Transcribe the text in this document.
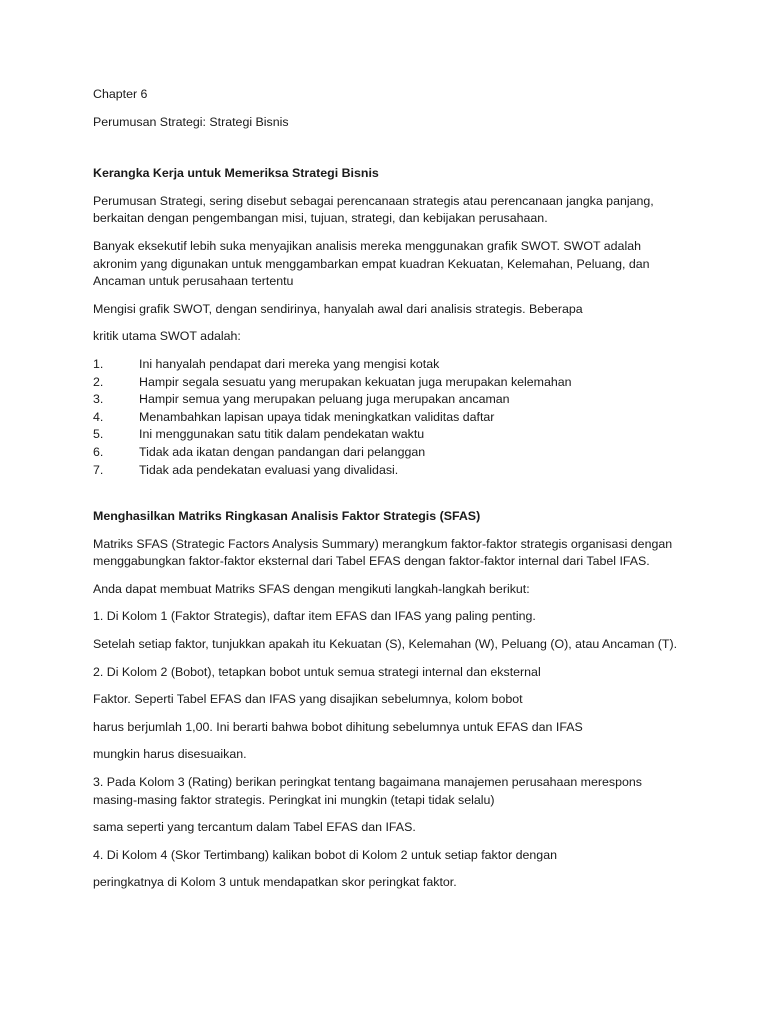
Chapter 6

Perumusan Strategi: Strategi Bisnis

Kerangka Kerja untuk Memeriksa Strategi Bisnis

Perumusan Strategi, sering disebut sebagai perencanaan strategis atau perencanaan jangka panjang, berkaitan dengan pengembangan misi, tujuan, strategi, dan kebijakan perusahaan.

Banyak eksekutif lebih suka menyajikan analisis mereka menggunakan grafik SWOT. SWOT adalah akronim yang digunakan untuk menggambarkan empat kuadran Kekuatan, Kelemahan, Peluang, dan Ancaman untuk perusahaan tertentu

Mengisi grafik SWOT, dengan sendirinya, hanyalah awal dari analisis strategis. Beberapa

kritik utama SWOT adalah:

1.	Ini hanyalah pendapat dari mereka yang mengisi kotak
2.	Hampir segala sesuatu yang merupakan kekuatan juga merupakan kelemahan
3.	Hampir semua yang merupakan peluang juga merupakan ancaman
4.	Menambahkan lapisan upaya tidak meningkatkan validitas daftar
5.	Ini menggunakan satu titik dalam pendekatan waktu
6.	Tidak ada ikatan dengan pandangan dari pelanggan
7.	Tidak ada pendekatan evaluasi yang divalidasi.

Menghasilkan Matriks Ringkasan Analisis Faktor Strategis (SFAS)

Matriks SFAS (Strategic Factors Analysis Summary) merangkum faktor-faktor strategis organisasi dengan menggabungkan faktor-faktor eksternal dari Tabel EFAS dengan faktor-faktor internal dari Tabel IFAS.

Anda dapat membuat Matriks SFAS dengan mengikuti langkah-langkah berikut:

1. Di Kolom 1 (Faktor Strategis), daftar item EFAS dan IFAS yang paling penting.

Setelah setiap faktor, tunjukkan apakah itu Kekuatan (S), Kelemahan (W), Peluang (O), atau Ancaman (T).

2. Di Kolom 2 (Bobot), tetapkan bobot untuk semua strategi internal dan eksternal

Faktor. Seperti Tabel EFAS dan IFAS yang disajikan sebelumnya, kolom bobot

harus berjumlah 1,00. Ini berarti bahwa bobot dihitung sebelumnya untuk EFAS dan IFAS

mungkin harus disesuaikan.

3. Pada Kolom 3 (Rating) berikan peringkat tentang bagaimana manajemen perusahaan merespons masing-masing faktor strategis. Peringkat ini mungkin (tetapi tidak selalu)

sama seperti yang tercantum dalam Tabel EFAS dan IFAS.

4. Di Kolom 4 (Skor Tertimbang) kalikan bobot di Kolom 2 untuk setiap faktor dengan

peringkatnya di Kolom 3 untuk mendapatkan skor peringkat faktor.
